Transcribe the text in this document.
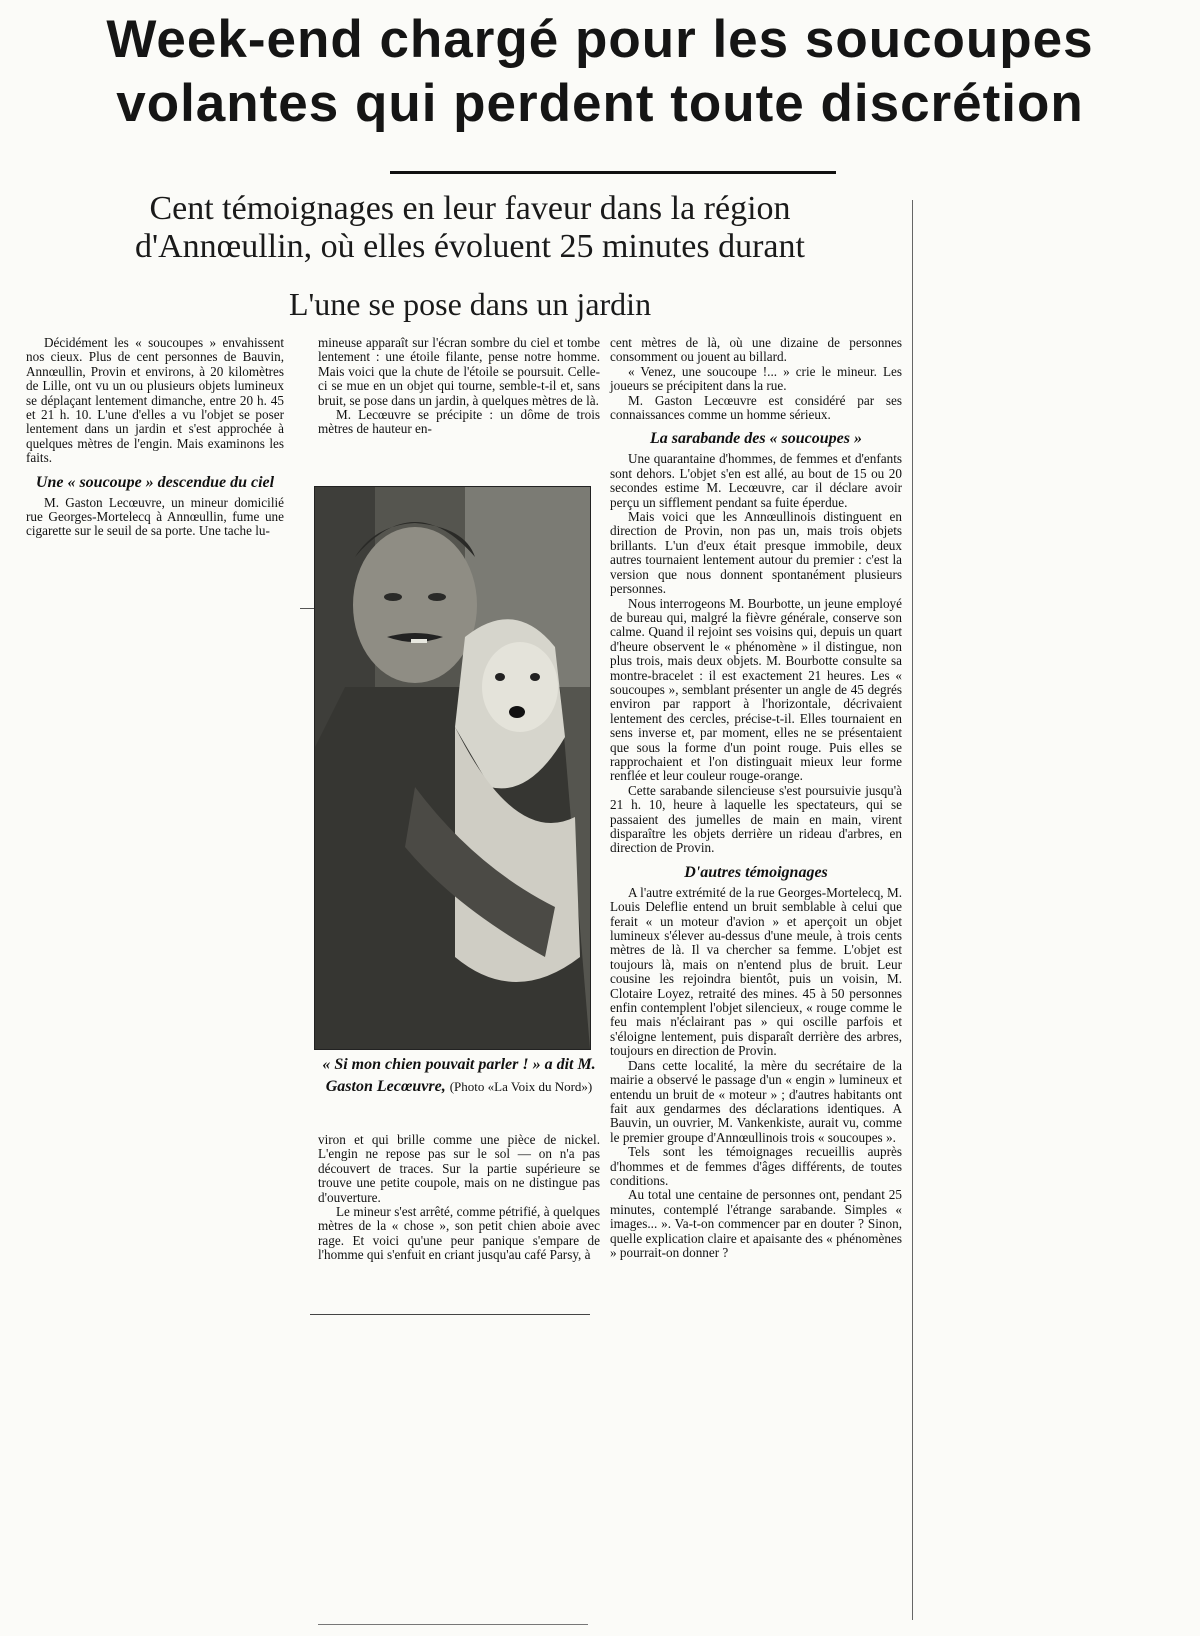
Week-end chargé pour les soucoupes
volantes qui perdent toute discrétion
Cent témoignages en leur faveur dans la région
d'Annœullin, où elles évoluent 25 minutes durant
L'une se pose dans un jardin

Décidément les « soucoupes » envahissent nos cieux. Plus de cent personnes de Bauvin, Annœullin, Provin et environs, à 20 kilomètres de Lille, ont vu un ou plusieurs objets lumineux se déplaçant lentement dimanche, entre 20 h. 45 et 21 h. 10. L'une d'elles a vu l'objet se poser lentement dans un jardin et s'est approchée à quelques mètres de l'engin. Mais examinons les faits.

Une « soucoupe » descendue du ciel

M. Gaston Lecœuvre, un mineur domicilié rue Georges-Mortelecq à Annœullin, fume une cigarette sur le seuil de sa porte. Une tache lu-

mineuse apparaît sur l'écran sombre du ciel et tombe lentement : une étoile filante, pense notre homme. Mais voici que la chute de l'étoile se poursuit. Celle-ci se mue en un objet qui tourne, semble-t-il et, sans bruit, se pose dans un jardin, à quelques mètres de là.

M. Lecœuvre se précipite : un dôme de trois mètres de hauteur en-

« Si mon chien pouvait parler ! » a dit M. Gaston Lecœuvre, (Photo «La Voix du Nord»)

viron et qui brille comme une pièce de nickel. L'engin ne repose pas sur le sol — on n'a pas découvert de traces. Sur la partie supérieure se trouve une petite coupole, mais on ne distingue pas d'ouverture.

Le mineur s'est arrêté, comme pétrifié, à quelques mètres de la « chose », son petit chien aboie avec rage. Et voici qu'une peur panique s'empare de l'homme qui s'enfuit en criant jusqu'au café Parsy, à

cent mètres de là, où une dizaine de personnes consomment ou jouent au billard.

« Venez, une soucoupe !... » crie le mineur. Les joueurs se précipitent dans la rue.

M. Gaston Lecœuvre est considéré par ses connaissances comme un homme sérieux.

La sarabande des « soucoupes »

Une quarantaine d'hommes, de femmes et d'enfants sont dehors. L'objet s'en est allé, au bout de 15 ou 20 secondes estime M. Lecœuvre, car il déclare avoir perçu un sifflement pendant sa fuite éperdue.

Mais voici que les Annœullinois distinguent en direction de Provin, non pas un, mais trois objets brillants. L'un d'eux était presque immobile, deux autres tournaient lentement autour du premier : c'est la version que nous donnent spontanément plusieurs personnes.

Nous interrogeons M. Bourbotte, un jeune employé de bureau qui, malgré la fièvre générale, conserve son calme. Quand il rejoint ses voisins qui, depuis un quart d'heure observent le « phénomène » il distingue, non plus trois, mais deux objets. M. Bourbotte consulte sa montre-bracelet : il est exactement 21 heures. Les « soucoupes », semblant présenter un angle de 45 degrés environ par rapport à l'horizontale, décrivaient lentement des cercles, précise-t-il. Elles tournaient en sens inverse et, par moment, elles ne se présentaient que sous la forme d'un point rouge. Puis elles se rapprochaient et l'on distinguait mieux leur forme renflée et leur couleur rouge-orange.

Cette sarabande silencieuse s'est poursuivie jusqu'à 21 h. 10, heure à laquelle les spectateurs, qui se passaient des jumelles de main en main, virent disparaître les objets derrière un rideau d'arbres, en direction de Provin.

D'autres témoignages

A l'autre extrémité de la rue Georges-Mortelecq, M. Louis Deleflie entend un bruit semblable à celui que ferait « un moteur d'avion » et aperçoit un objet lumineux s'élever au-dessus d'une meule, à trois cents mètres de là. Il va chercher sa femme. L'objet est toujours là, mais on n'entend plus de bruit. Leur cousine les rejoindra bientôt, puis un voisin, M. Clotaire Loyez, retraité des mines. 45 à 50 personnes enfin contemplent l'objet silencieux, « rouge comme le feu mais n'éclairant pas » qui oscille parfois et s'éloigne lentement, puis disparaît derrière des arbres, toujours en direction de Provin.

Dans cette localité, la mère du secrétaire de la mairie a observé le passage d'un « engin » lumineux et entendu un bruit de « moteur » ; d'autres habitants ont fait aux gendarmes des déclarations identiques. A Bauvin, un ouvrier, M. Vankenkiste, aurait vu, comme le premier groupe d'Annœullinois trois « soucoupes ».

Tels sont les témoignages recueillis auprès d'hommes et de femmes d'âges différents, de toutes conditions.

Au total une centaine de personnes ont, pendant 25 minutes, contemplé l'étrange sarabande. Simples « images... ». Va-t-on commencer par en douter ? Sinon, quelle explication claire et apaisante des « phénomènes » pourrait-on donner ?
